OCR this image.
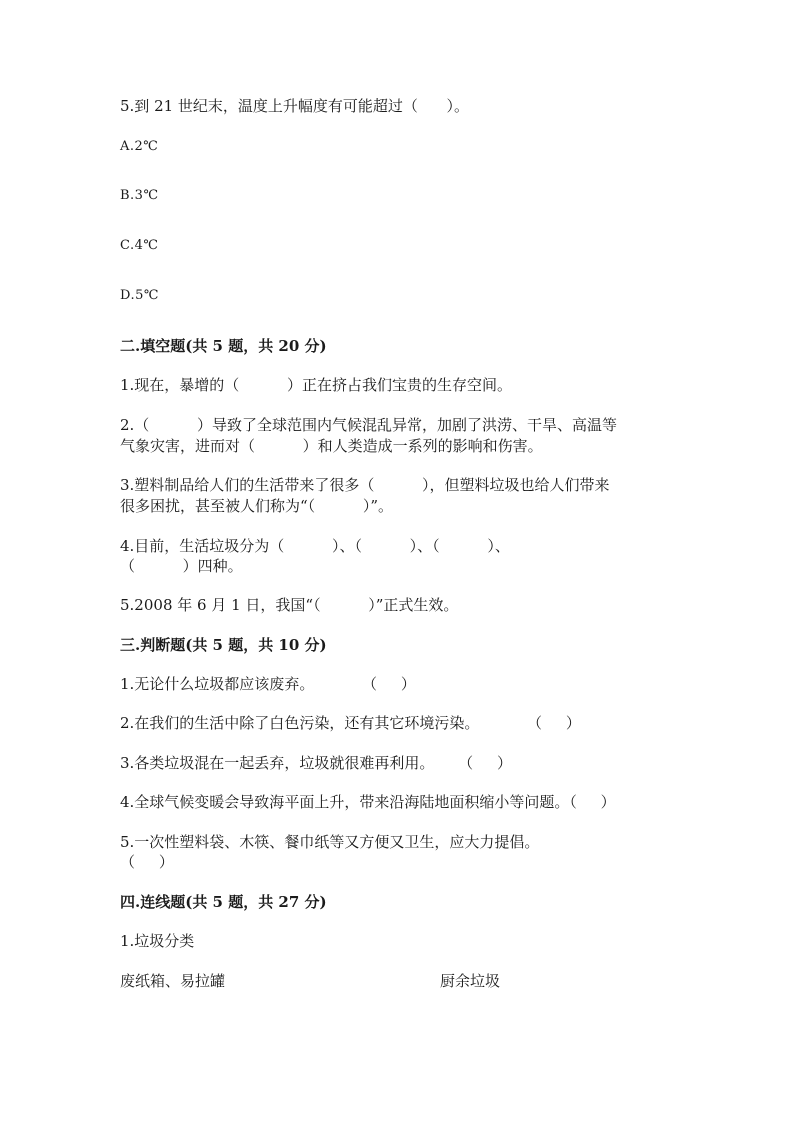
5.到 21 世纪末，温度上升幅度有可能超过（      ）。
A.2℃
B.3℃
C.4℃
D.5℃
二.填空题(共 5 题，共 20 分)
1.现在，暴增的（          ）正在挤占我们宝贵的生存空间。
2.（          ）导致了全球范围内气候混乱异常，加剧了洪涝、干旱、高温等
气象灾害，进而对（          ）和人类造成一系列的影响和伤害。
3.塑料制品给人们的生活带来了很多（          ），但塑料垃圾也给人们带来
很多困扰，甚至被人们称为“（          ）”。
4.目前，生活垃圾分为（          ）、（          ）、（          ）、
（          ）四种。
5.2008 年 6 月 1 日，我国“（          ）”正式生效。
三.判断题(共 5 题，共 10 分)
1.无论什么垃圾都应该废弃。          （     ）
2.在我们的生活中除了白色污染，还有其它环境污染。          （     ）
3.各类垃圾混在一起丢弃，垃圾就很难再利用。     （     ）
4.全球气候变暖会导致海平面上升，带来沿海陆地面积缩小等问题。（     ）
5.一次性塑料袋、木筷、餐巾纸等又方便又卫生，应大力提倡。
（     ）
四.连线题(共 5 题，共 27 分)
1.垃圾分类
废纸箱、易拉罐	厨余垃圾
